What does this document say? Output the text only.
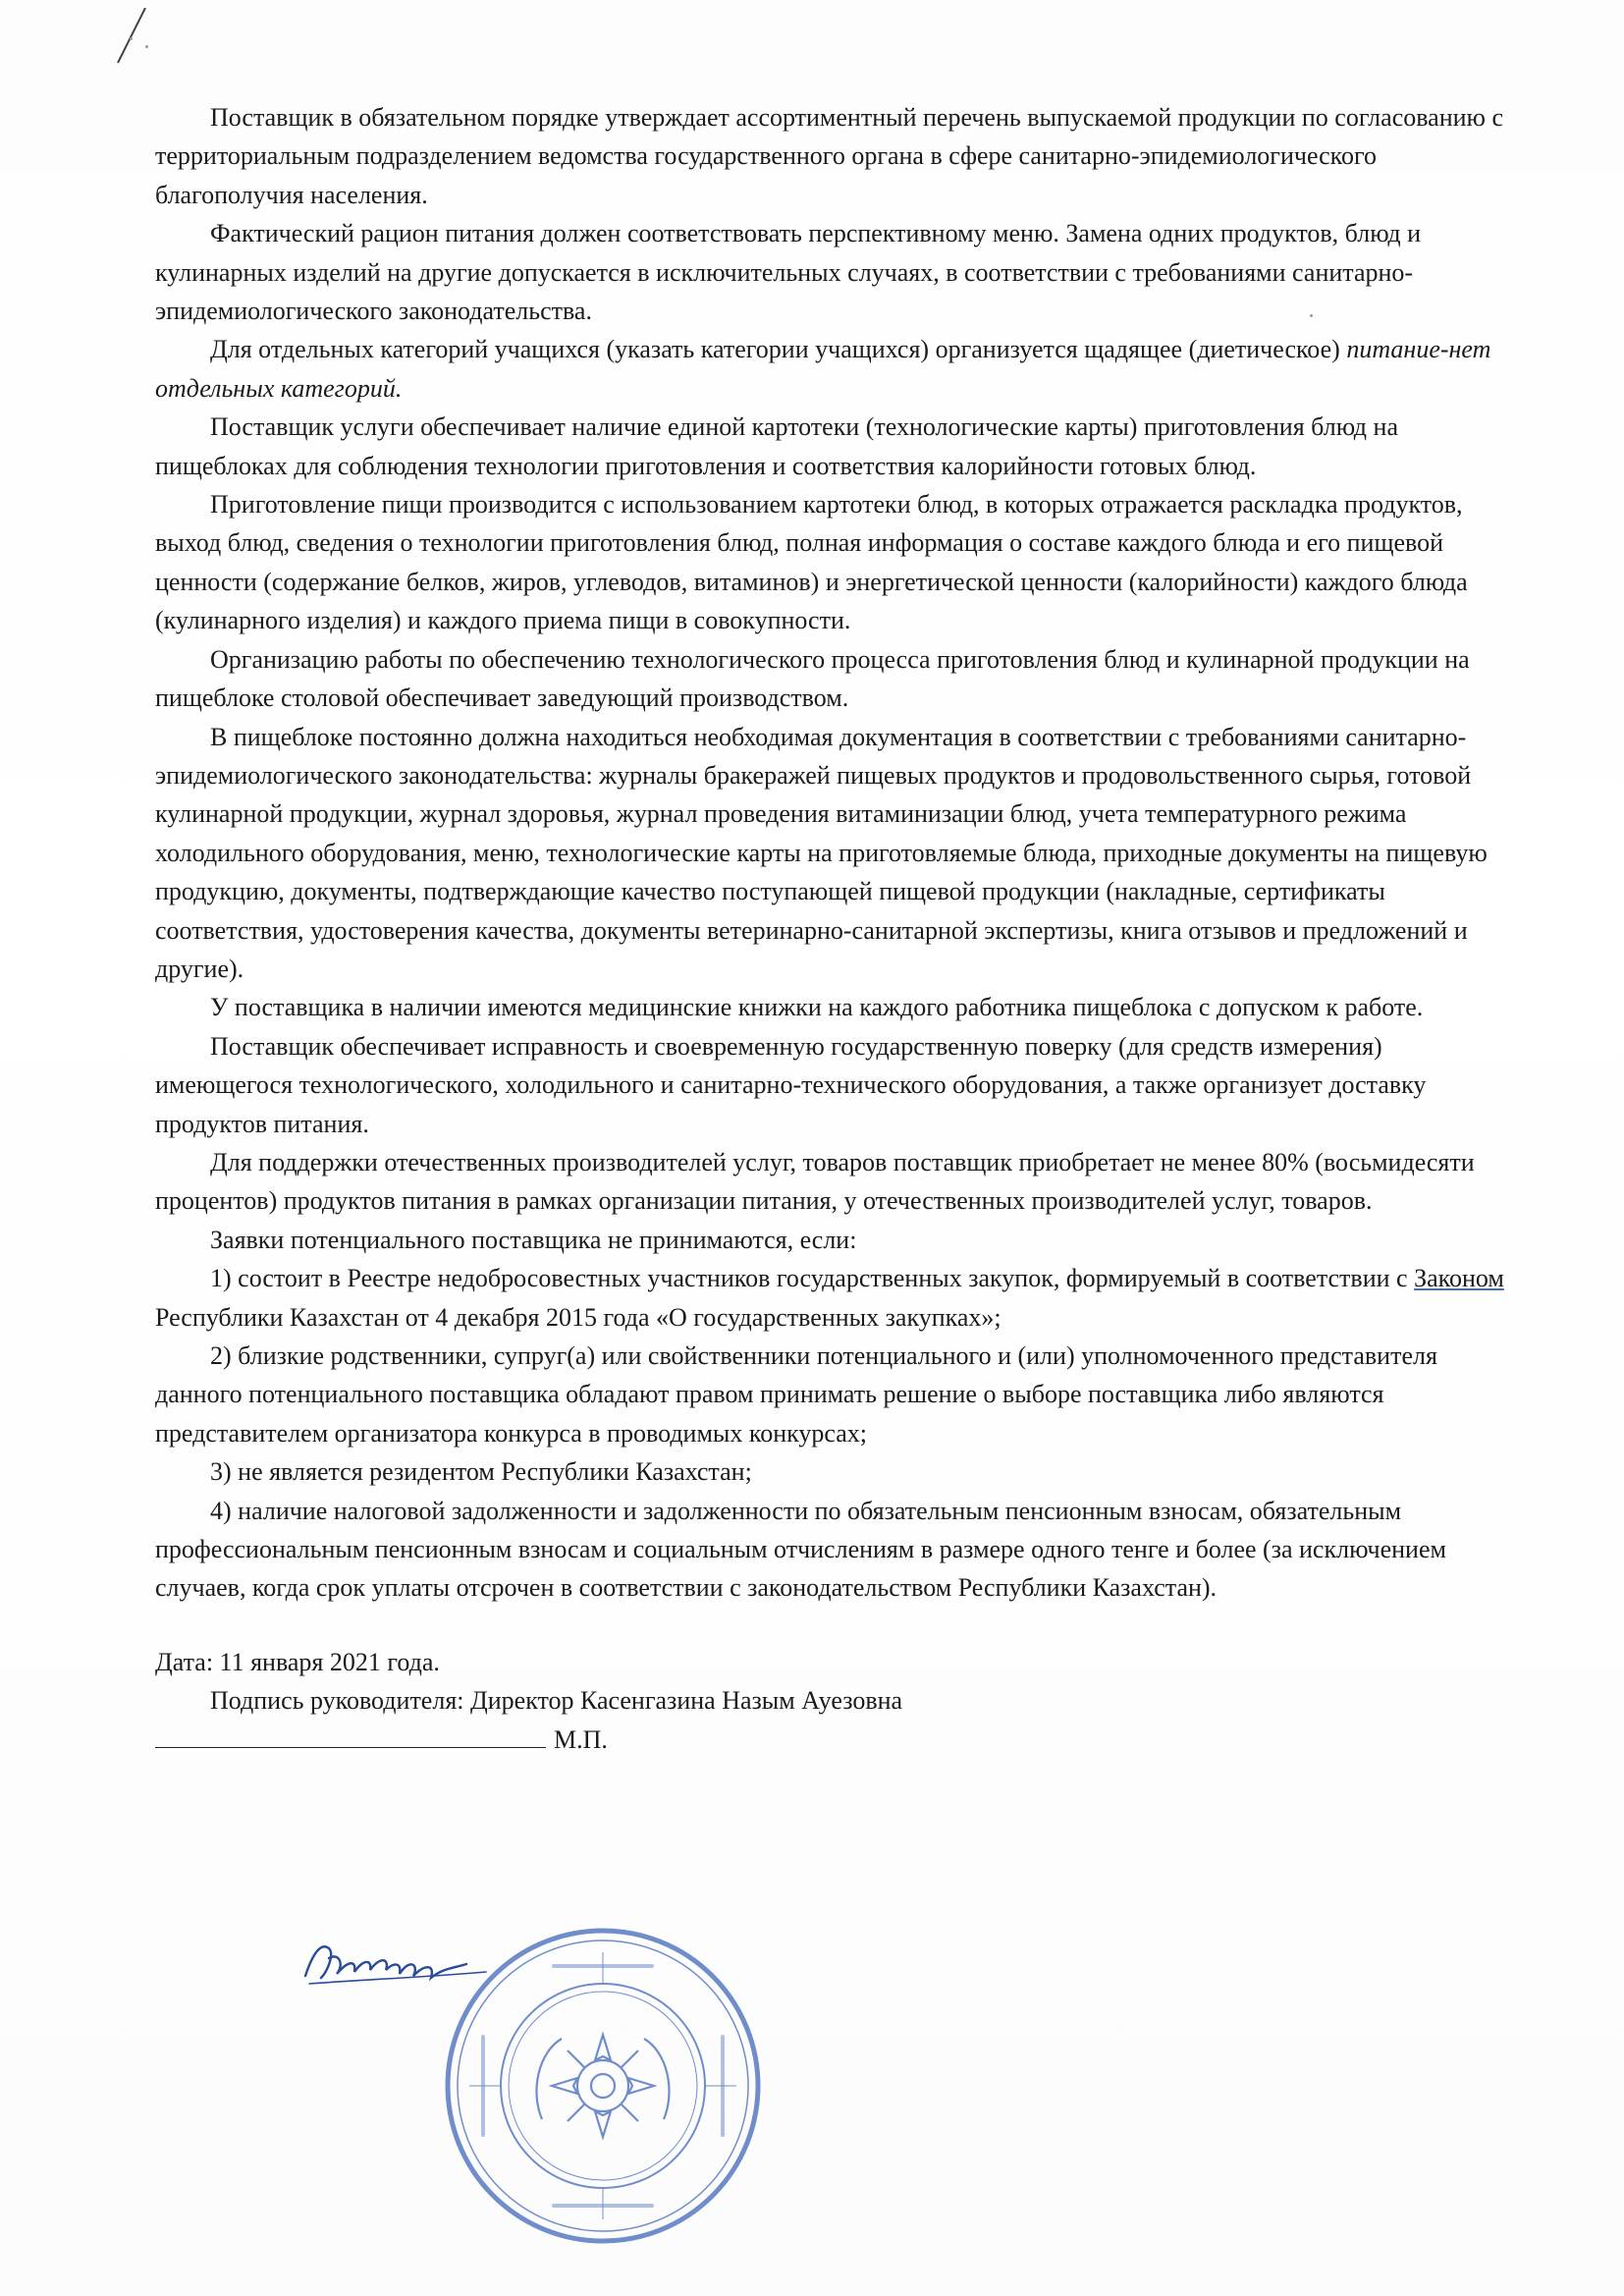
Поставщик в обязательном порядке утверждает ассортиментный перечень выпускаемой продукции по согласованию с территориальным подразделением ведомства государственного органа в сфере санитарно-эпидемиологического благополучия населения.

Фактический рацион питания должен соответствовать перспективному меню. Замена одних продуктов, блюд и кулинарных изделий на другие допускается в исключительных случаях, в соответствии с требованиями санитарно-эпидемиологического законодательства.

Для отдельных категорий учащихся (указать категории учащихся) организуется щадящее (диетическое) питание-нет отдельных категорий.

Поставщик услуги обеспечивает наличие единой картотеки (технологические карты) приготовления блюд на пищеблоках для соблюдения технологии приготовления и соответствия калорийности готовых блюд.

Приготовление пищи производится с использованием картотеки блюд, в которых отражается раскладка продуктов, выход блюд, сведения о технологии приготовления блюд, полная информация о составе каждого блюда и его пищевой ценности (содержание белков, жиров, углеводов, витаминов) и энергетической ценности (калорийности) каждого блюда (кулинарного изделия) и каждого приема пищи в совокупности.

Организацию работы по обеспечению технологического процесса приготовления блюд и кулинарной продукции на пищеблоке столовой обеспечивает заведующий производством.

В пищеблоке постоянно должна находиться необходимая документация в соответствии с требованиями санитарно-эпидемиологического законодательства: журналы бракеражей пищевых продуктов и продовольственного сырья, готовой кулинарной продукции, журнал здоровья, журнал проведения витаминизации блюд, учета температурного режима холодильного оборудования, меню, технологические карты на приготовляемые блюда, приходные документы на пищевую продукцию, документы, подтверждающие качество поступающей пищевой продукции (накладные, сертификаты соответствия, удостоверения качества, документы ветеринарно-санитарной экспертизы, книга отзывов и предложений и другие).

У поставщика в наличии имеются медицинские книжки на каждого работника пищеблока с допуском к работе.

Поставщик обеспечивает исправность и своевременную государственную поверку (для средств измерения) имеющегося технологического, холодильного и санитарно-технического оборудования, а также организует доставку продуктов питания.

Для поддержки отечественных производителей услуг, товаров поставщик приобретает не менее 80% (восьмидесяти процентов) продуктов питания в рамках организации питания, у отечественных производителей услуг, товаров.

Заявки потенциального поставщика не принимаются, если:

1) состоит в Реестре недобросовестных участников государственных закупок, формируемый в соответствии с Законом Республики Казахстан от 4 декабря 2015 года «О государственных закупках»;

2) близкие родственники, супруг(а) или свойственники потенциального и (или) уполномоченного представителя данного потенциального поставщика обладают правом принимать решение о выборе поставщика либо являются представителем организатора конкурса в проводимых конкурсах;

3) не является резидентом Республики Казахстан;

4) наличие налоговой задолженности и задолженности по обязательным пенсионным взносам, обязательным профессиональным пенсионным взносам и социальным отчислениям в размере одного тенге и более (за исключением случаев, когда срок уплаты отсрочен в соответствии с законодательством Республики Казахстан).

Дата: 11 января 2021 года.

Подпись руководителя: Директор Касенгазина Назым Ауезовна

М.П.
